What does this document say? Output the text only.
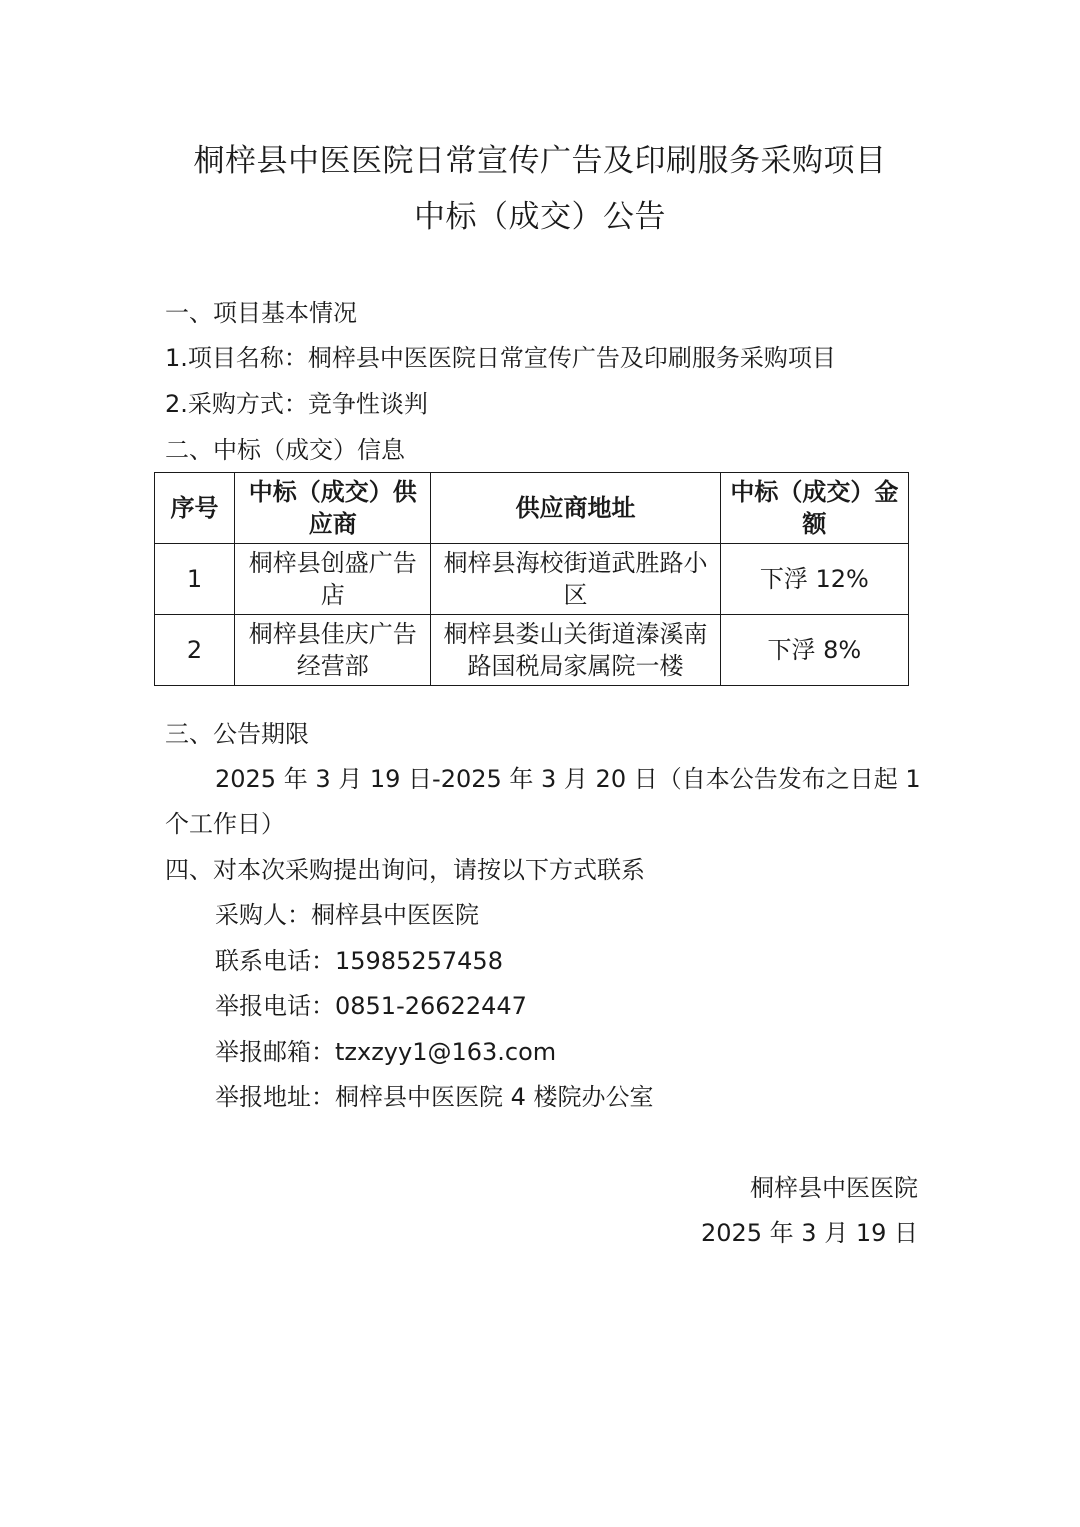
桐梓县中医医院日常宣传广告及印刷服务采购项目
中标（成交）公告
一、项目基本情况
1.项目名称：桐梓县中医医院日常宣传广告及印刷服务采购项目
2.采购方式：竞争性谈判
二、中标（成交）信息
序号	中标（成交）供应商	供应商地址	中标（成交）金额
1	桐梓县创盛广告店	桐梓县海校街道武胜路小区	下浮 12%
2	桐梓县佳庆广告经营部	桐梓县娄山关街道溱溪南路国税局家属院一楼	下浮 8%
三、公告期限
2025 年 3 月 19 日-2025 年 3 月 20 日（自本公告发布之日起 1
个工作日）
四、对本次采购提出询问，请按以下方式联系
采购人：桐梓县中医医院
联系电话：15985257458
举报电话：0851-26622447
举报邮箱：tzxzyy1@163.com
举报地址：桐梓县中医医院 4 楼院办公室
桐梓县中医医院
2025 年 3 月 19 日
